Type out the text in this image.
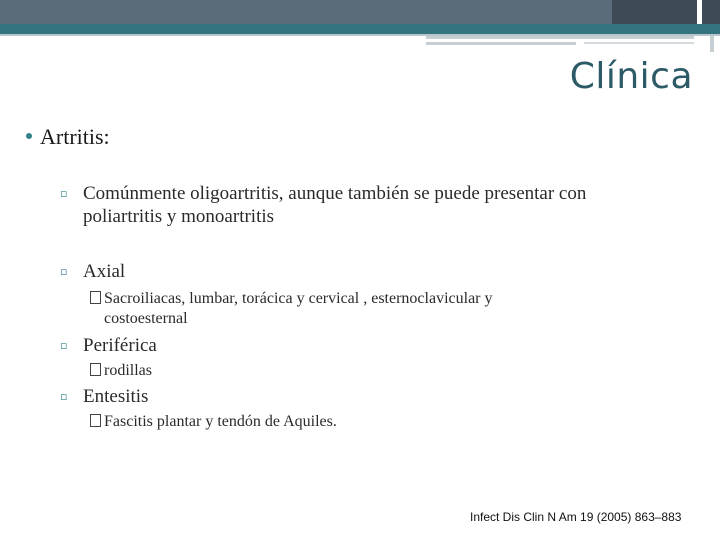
Clínica
Artritis:
▫ Comúnmente oligoartritis, aunque también se puede presentar con
poliartritis y monoartritis
▫ Axial
Sacroiliacas, lumbar, torácica y cervical , esternoclavicular y
costoesternal
▫ Periférica
rodillas
▫ Entesitis
Fascitis plantar y tendón de Aquiles.
Infect Dis Clin N Am 19 (2005) 863–883
